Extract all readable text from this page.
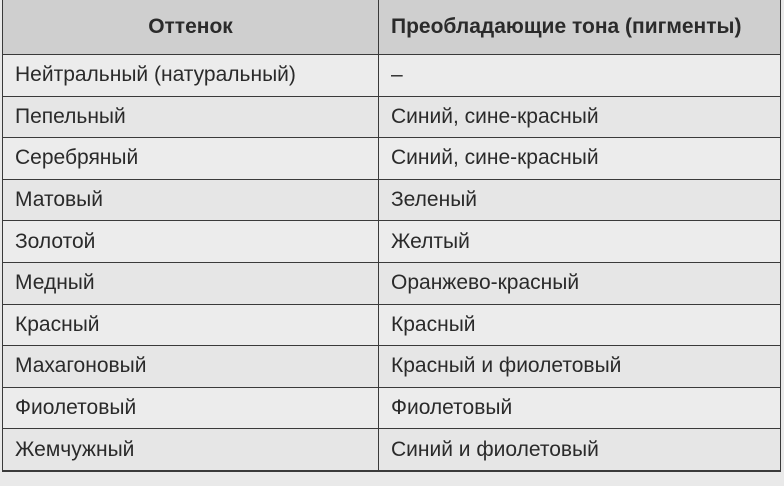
Оттенок	Преобладающие тона (пигменты)
Нейтральный (натуральный)	–
Пепельный	Синий, сине-красный
Серебряный	Синий, сине-красный
Матовый	Зеленый
Золотой	Желтый
Медный	Оранжево-красный
Красный	Красный
Махагоновый	Красный и фиолетовый
Фиолетовый	Фиолетовый
Жемчужный	Синий и фиолетовый
